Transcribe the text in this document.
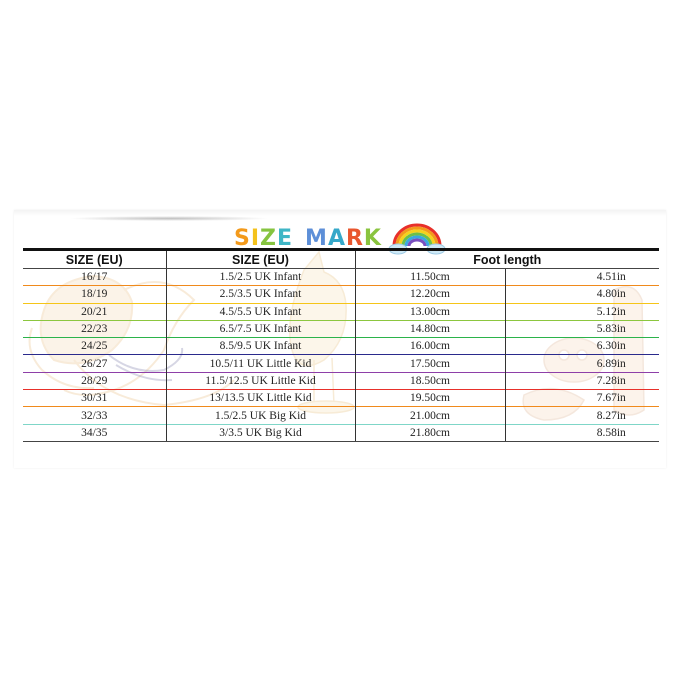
S I Z E M A R K
SIZE (EU)	SIZE (EU)	Foot length	
16/17	1.5/2.5 UK Infant	11.50cm	4.51in
18/19	2.5/3.5 UK Infant	12.20cm	4.80in
20/21	4.5/5.5 UK Infant	13.00cm	5.12in
22/23	6.5/7.5 UK Infant	14.80cm	5.83in
24/25	8.5/9.5 UK Infant	16.00cm	6.30in
26/27	10.5/11 UK Little Kid	17.50cm	6.89in
28/29	11.5/12.5 UK Little Kid	18.50cm	7.28in
30/31	13/13.5 UK Little Kid	19.50cm	7.67in
32/33	1.5/2.5 UK Big Kid	21.00cm	8.27in
34/35	3/3.5 UK Big Kid	21.80cm	8.58in
